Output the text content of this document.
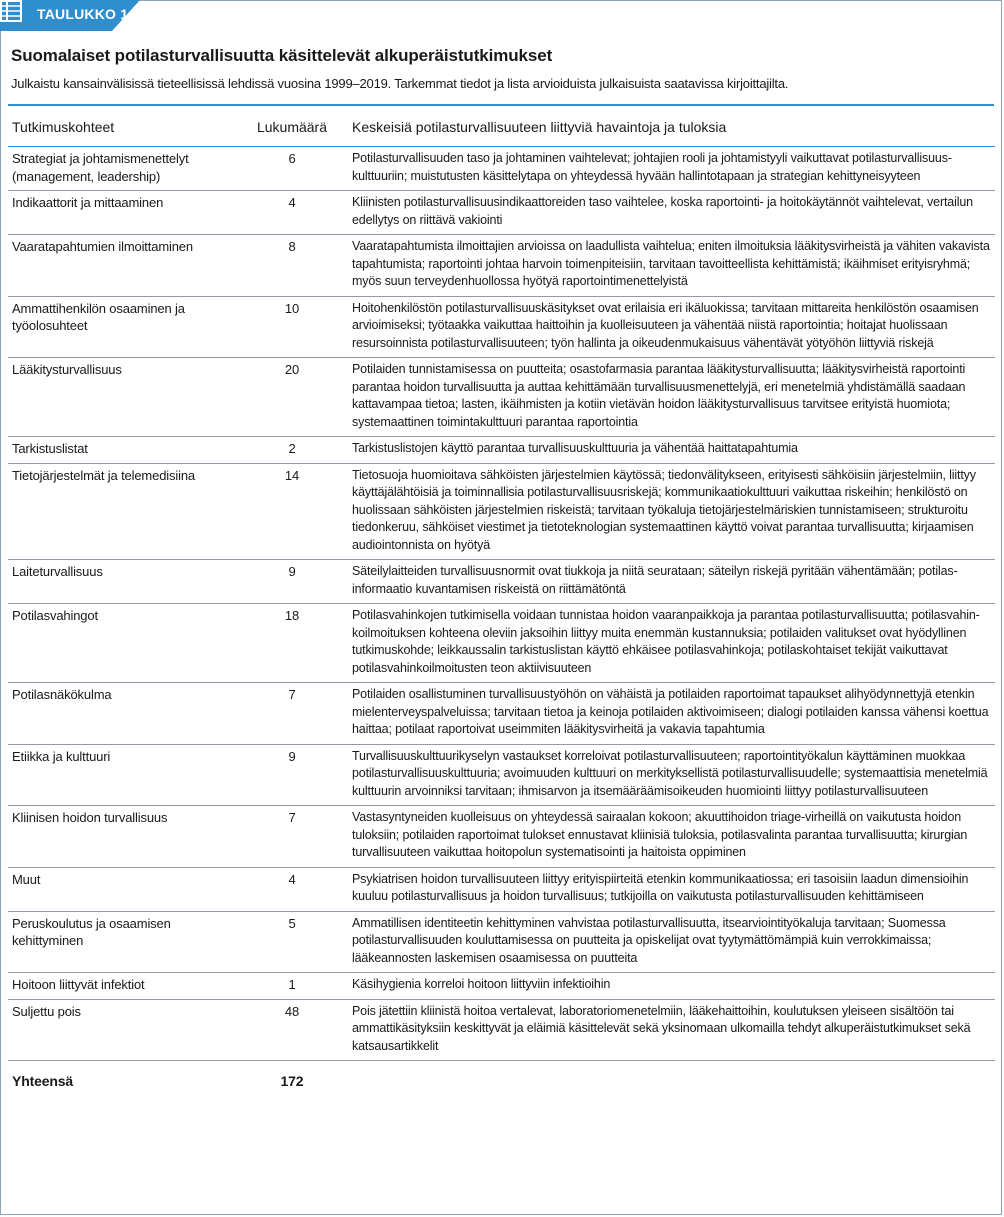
TAULUKKO 1.
Suomalaiset potilasturvallisuutta käsittelevät alkuperäistutkimukset
Julkaistu kansainvälisissä tieteellisissä lehdissä vuosina 1999–2019. Tarkemmat tiedot ja lista arvioiduista julkaisuista saatavissa kirjoittajilta.
Tutkimuskohteet	Lukumäärä	Keskeisiä potilasturvallisuuteen liittyviä havaintoja ja tuloksia
Strategiat ja johtamismenettelyt (management, leadership)	6	Potilasturvallisuuden taso ja johtaminen vaihtelevat; johtajien rooli ja johtamistyyli vaikuttavat potilasturvallisuuskulttuuriin; muistutusten käsittelytapa on yhteydessä hyvään hallintotapaan ja strategian kehittyneisyyteen
Indikaattorit ja mittaaminen	4	Kliinisten potilasturvallisuusindikaattoreiden taso vaihtelee, koska raportointi- ja hoitokäytännöt vaihtelevat, vertailun edellytys on riittävä vakiointi
Vaaratapahtumien ilmoittaminen	8	Vaaratapahtumista ilmoittajien arvioissa on laadullista vaihtelua; eniten ilmoituksia lääkitysvirheistä ja vähiten vakavista tapahtumista; raportointi johtaa harvoin toimenpiteisiin, tarvitaan tavoitteellista kehittämistä; ikäihmiset erityisryhmä; myös suun terveydenhuollossa hyötyä raportointimenettelyistä
Ammattihenkilön osaaminen ja työolosuhteet	10	Hoitohenkilöstön potilasturvallisuuskäsitykset ovat erilaisia eri ikäluokissa; tarvitaan mittareita henkilöstön osaamisen arvioimiseksi; työtaakka vaikuttaa haittoihin ja kuolleisuuteen ja vähentää niistä raportointia; hoitajat huolissaan resursoinnista potilasturvallisuuteen; työn hallinta ja oikeudenmukaisuus vähentävät yötyöhön liittyviä riskejä
Lääkitysturvallisuus	20	Potilaiden tunnistamisessa on puutteita; osastofarmasia parantaa lääkitysturvallisuutta; lääkitysvirheistä raportointi parantaa hoidon turvallisuutta ja auttaa kehittämään turvallisuusmenettelyjä, eri menetelmiä yhdistämällä saadaan kattavampaa tietoa; lasten, ikäihmisten ja kotiin vietävän hoidon lääkitysturvallisuus tarvitsee erityistä huomiota; systemaattinen toimintakulttuuri parantaa raportointia
Tarkistuslistat	2	Tarkistuslistojen käyttö parantaa turvallisuuskulttuuria ja vähentää haittatapahtumia
Tietojärjestelmät ja telemedisiina	14	Tietosuoja huomioitava sähköisten järjestelmien käytössä; tiedonvälitykseen, erityisesti sähköisiin järjestelmiin, liittyy käyttäjälähtöisiä ja toiminnallisia potilasturvallisuusriskejä; kommunikaatiokulttuuri vaikuttaa riskeihin; henkilöstö on huolissaan sähköisten järjestelmien riskeistä; tarvitaan työkaluja tietojärjestelmäriskien tunnistamiseen; strukturoitu tiedonkeruu, sähköiset viestimet ja tietoteknologian systemaattinen käyttö voivat parantaa turvallisuutta; kirjaamisen audiointonnista on hyötyä
Laiteturvallisuus	9	Säteilylaitteiden turvallisuusnormit ovat tiukkoja ja niitä seurataan; säteilyn riskejä pyritään vähentämään; potilasinformaatio kuvantamisen riskeistä on riittämätöntä
Potilasvahingot	18	Potilasvahinkojen tutkimisella voidaan tunnistaa hoidon vaaranpaikkoja ja parantaa potilasturvallisuutta; potilasvahinkoilmoituksen kohteena oleviin jaksoihin liittyy muita enemmän kustannuksia; potilaiden valitukset ovat hyödyllinen tutkimuskohde; leikkaussalin tarkistuslistan käyttö ehkäisee potilasvahinkoja; potilaskohtaiset tekijät vaikuttavat potilasvahinkoilmoitusten teon aktiivisuuteen
Potilasnäkökulma	7	Potilaiden osallistuminen turvallisuustyöhön on vähäistä ja potilaiden raportoimat tapaukset alihyödynnettyjä etenkin mielenterveyspalveluissa; tarvitaan tietoa ja keinoja potilaiden aktivoimiseen; dialogi potilaiden kanssa vähensi koettua haittaa; potilaat raportoivat useimmiten lääkitysvirheitä ja vakavia tapahtumia
Etiikka ja kulttuuri	9	Turvallisuuskulttuurikyselyn vastaukset korreloivat potilasturvallisuuteen; raportointityökalun käyttäminen muokkaa potilasturvallisuuskulttuuria; avoimuuden kulttuuri on merkityksellistä potilasturvallisuudelle; systemaattisia menetelmiä kulttuurin arvoinniksi tarvitaan; ihmisarvon ja itsemääräämisoikeuden huomiointi liittyy potilasturvallisuuteen
Kliinisen hoidon turvallisuus	7	Vastasyntyneiden kuolleisuus on yhteydessä sairaalan kokoon; akuuttihoidon triage-virheillä on vaikutusta hoidon tuloksiin; potilaiden raportoimat tulokset ennustavat kliinisiä tuloksia, potilasvalinta parantaa turvallisuutta; kirurgian turvallisuuteen vaikuttaa hoitopolun systematisointi ja haitoista oppiminen
Muut	4	Psykiatrisen hoidon turvallisuuteen liittyy erityispiirteitä etenkin kommunikaatiossa; eri tasoisiin laadun dimensioihin kuuluu potilasturvallisuus ja hoidon turvallisuus; tutkijoilla on vaikutusta potilasturvallisuuden kehittämiseen
Peruskoulutus ja osaamisen kehittyminen	5	Ammatillisen identiteetin kehittyminen vahvistaa potilasturvallisuutta, itsearviointityökaluja tarvitaan; Suomessa potilasturvallisuuden kouluttamisessa on puutteita ja opiskelijat ovat tyytymättömämpiä kuin verrokkimaissa; lääkeannosten laskemisen osaamisessa on puutteita
Hoitoon liittyvät infektiot	1	Käsihygienia korreloi hoitoon liittyviin infektioihin
Suljettu pois	48	Pois jätettiin kliinistä hoitoa vertalevat, laboratoriomenetelmiin, lääkehaittoihin, koulutuksen yleiseen sisältöön tai ammattikäsityksiin keskittyvät ja eläimiä käsittelevät sekä yksinomaan ulkomailla tehdyt alkuperäistutkimukset sekä katsausartikkelit
Yhteensä	172	
